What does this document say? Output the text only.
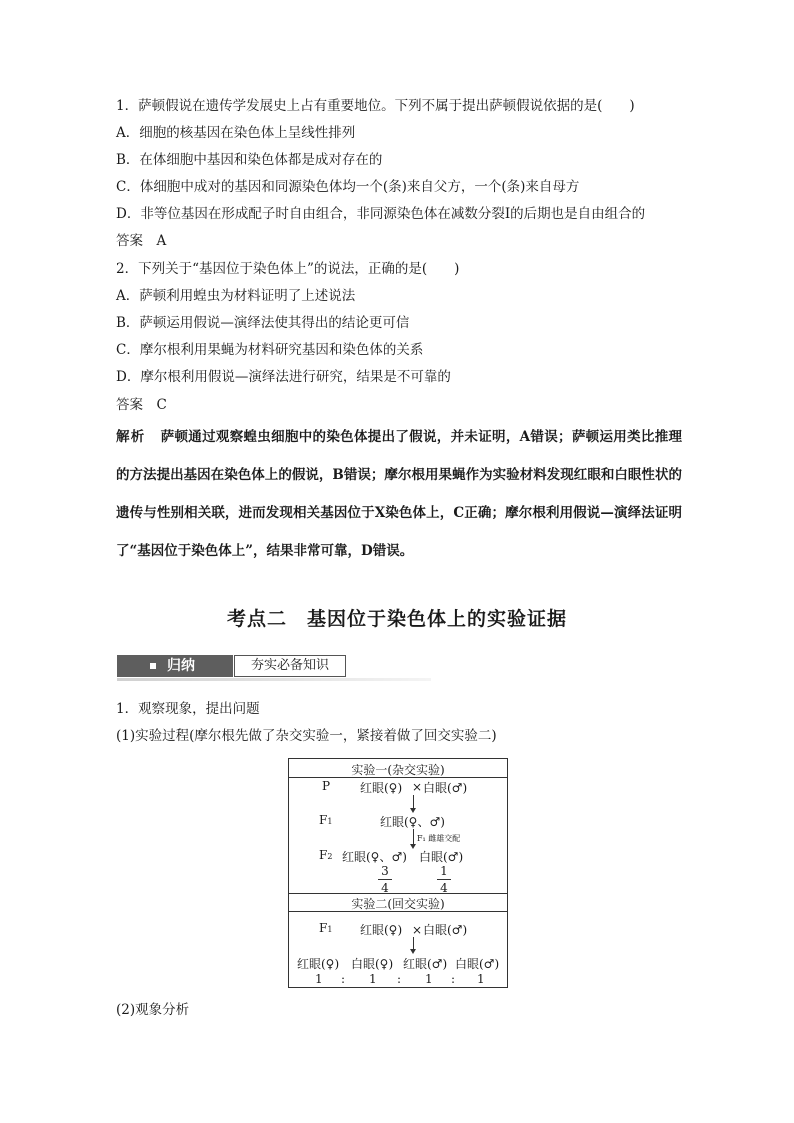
1．萨顿假说在遗传学发展史上占有重要地位。下列不属于提出萨顿假说依据的是(　　)
A．细胞的核基因在染色体上呈线性排列
B．在体细胞中基因和染色体都是成对存在的
C．体细胞中成对的基因和同源染色体均一个(条)来自父方，一个(条)来自母方
D．非等位基因在形成配子时自由组合，非同源染色体在减数分裂Ⅰ的后期也是自由组合的
答案　A
2．下列关于“基因位于染色体上”的说法，正确的是(　　)
A．萨顿利用蝗虫为材料证明了上述说法
B．萨顿运用假说—演绎法使其得出的结论更可信
C．摩尔根利用果蝇为材料研究基因和染色体的关系
D．摩尔根利用假说—演绎法进行研究，结果是不可靠的
答案　C
解析 萨顿通过观察蝗虫细胞中的染色体提出了假说，并未证明，A错误；萨顿运用类比推理的方法提出基因在染色体上的假说，B错误；摩尔根用果蝇作为实验材料发现红眼和白眼性状的遗传与性别相关联，进而发现相关基因位于X染色体上，C正确；摩尔根利用假说—演绎法证明了“基因位于染色体上”，结果非常可靠，D错误。
考点二　基因位于染色体上的实验证据
归纳	夯实必备知识
1．观察现象，提出问题
(1)实验过程(摩尔根先做了杂交实验一，紧接着做了回交实验二)
实验一(杂交实验)
P 红眼(♀) × 白眼(♂)
F1	红眼(♀、♂)
F₁ 雌雄交配
F2 红眼(♀、♂) 白眼(♂)
3
4
1
4
实验二(回交实验)
F1 红眼(♀) × 白眼(♂)
红眼(♀) 白眼(♀) 红眼(♂) 白眼(♂)
1 : 1 : 1 : 1
(2)观象分析
